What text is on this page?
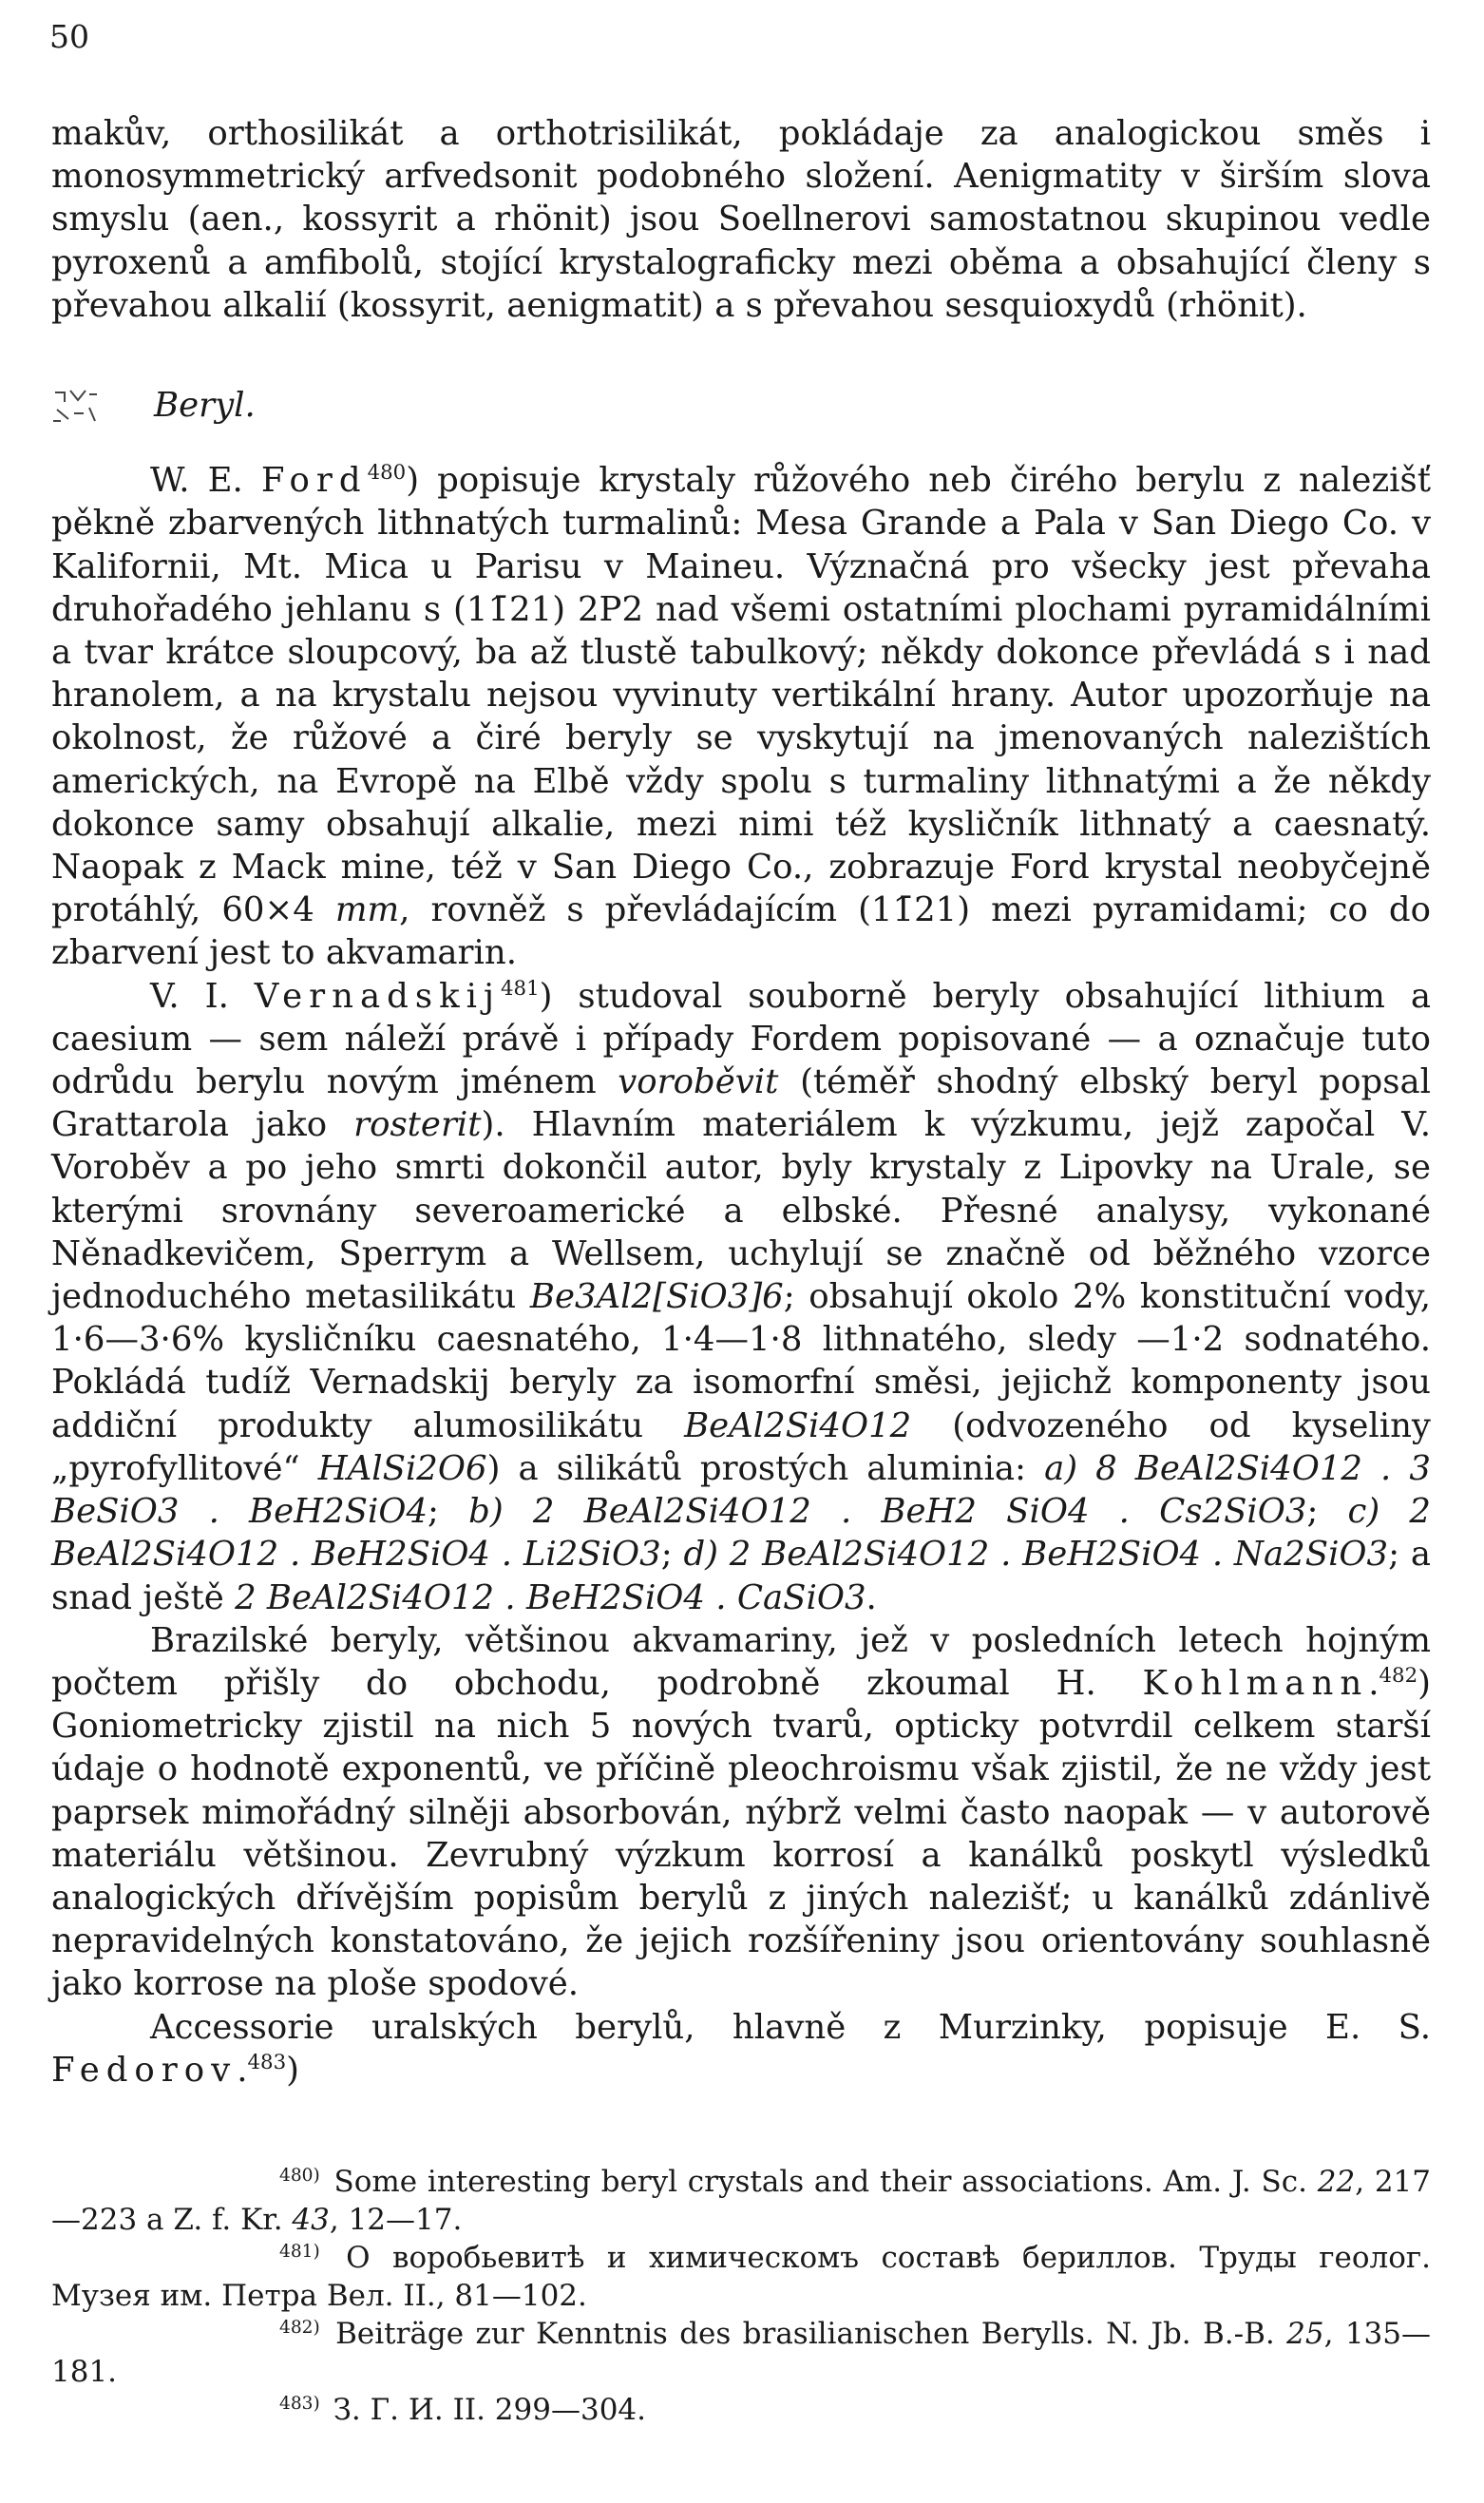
50

makův, orthosilikát a orthotrisilikát, pokládaje za analogickou směs i monosymmetrický arfvedsonit podobného složení. Aenigmatity v širším slova smyslu (aen., kossyrit a rhönit) jsou Soellnerovi samostatnou skupinou vedle pyroxenů a amfibolů, stojící krystalograficky mezi oběma a obsahující členy s převahou alkalií (kossyrit, aenigmatit) a s převahou sesquioxydů (rhönit).

Beryl.

W. E. Ford$^{480}$) popisuje krystaly růžového neb čirého berylu z nalezišť pěkně zbarvených lithnatých turmalinů: Mesa Grande a Pala v San Diego Co. v Kalifornii, Mt. Mica u Parisu v Maineu. Význačná pro všecky jest převaha druhořadého jehlanu s (11̄21) 2P2 nad všemi ostatními plochami pyramidálními a tvar krátce sloupcový, ba až tlustě tabulkový; někdy dokonce převládá s i nad hranolem, a na krystalu nejsou vyvinuty vertikální hrany. Autor upozorňuje na okolnost, že růžové a čiré beryly se vyskytují na jmenovaných nalezištích amerických, na Evropě na Elbě vždy spolu s turmaliny lithnatými a že někdy dokonce samy obsahují alkalie, mezi nimi též kysličník lithnatý a caesnatý. Naopak z Mack mine, též v San Diego Co., zobrazuje Ford krystal neobyčejně protáhlý, 60×4 mm, rovněž s převládajícím (11̄21) mezi pyramidami; co do zbarvení jest to akvamarin.

V. I. Vernadskij$^{481}$) studoval souborně beryly obsahující lithium a caesium — sem náleží právě i případy Fordem popisované — a označuje tuto odrůdu berylu novým jménem voroběvit (téměř shodný elbský beryl popsal Grattarola jako rosterit). Hlavním materiálem k výzkumu, jejž započal V. Voroběv a po jeho smrti dokončil autor, byly krystaly z Lipovky na Urale, se kterými srovnány severoamerické a elbské. Přesné analysy, vykonané Něnadkevičem, Sperrym a Wellsem, uchylují se značně od běžného vzorce jednoduchého metasilikátu Be3Al2[SiO3]6; obsahují okolo 2% konstituční vody, 1·6—3·6% kysličníku caesnatého, 1·4—1·8 lithnatého, sledy —1·2 sodnatého. Pokládá tudíž Vernadskij beryly za isomorfní směsi, jejichž komponenty jsou addiční produkty alumosilikátu BeAl2Si4O12 (odvozeného od kyseliny „pyrofyllitové“ HAlSi2O6) a silikátů prostých aluminia: a) 8 BeAl2Si4O12 . 3 BeSiO3 . BeH2SiO4; b) 2 BeAl2Si4O12 . BeH2 SiO4 . Cs2SiO3; c) 2 BeAl2Si4O12 . BeH2SiO4 . Li2SiO3; d) 2 BeAl2Si4O12 . BeH2SiO4 . Na2SiO3; a snad ještě 2 BeAl2Si4O12 . BeH2SiO4 . CaSiO3.

Brazilské beryly, většinou akvamariny, jež v posledních letech hojným počtem přišly do obchodu, podrobně zkoumal H. Kohlmann.$^{482}$) Goniometricky zjistil na nich 5 nových tvarů, opticky potvrdil celkem starší údaje o hodnotě exponentů, ve příčině pleochroismu však zjistil, že ne vždy jest paprsek mimořádný silněji absorbován, nýbrž velmi často naopak — v autorově materiálu většinou. Zevrubný výzkum korrosí a kanálků poskytl výsledků analogických dřívějším popisům berylů z jiných nalezišť; u kanálků zdánlivě nepravidelných konstatováno, že jejich rozšířeniny jsou orientovány souhlasně jako korrose na ploše spodové.

Accessorie uralských berylů, hlavně z Murzinky, popisuje E. S. Fedorov.$^{483}$)

$^{480)}$ Some interesting beryl crystals and their associations. Am. J. Sc. 22, 217—223 a Z. f. Kr. 43, 12—17.

$^{481)}$ О воробьевитѣ и химическомъ составѣ бериллов. Труды геолог. Музея им. Петра Вел. II., 81—102.

$^{482)}$ Beiträge zur Kenntnis des brasilianischen Berylls. N. Jb. B.-B. 25, 135—181.

$^{483)}$ З. Г. И. II. 299—304.
